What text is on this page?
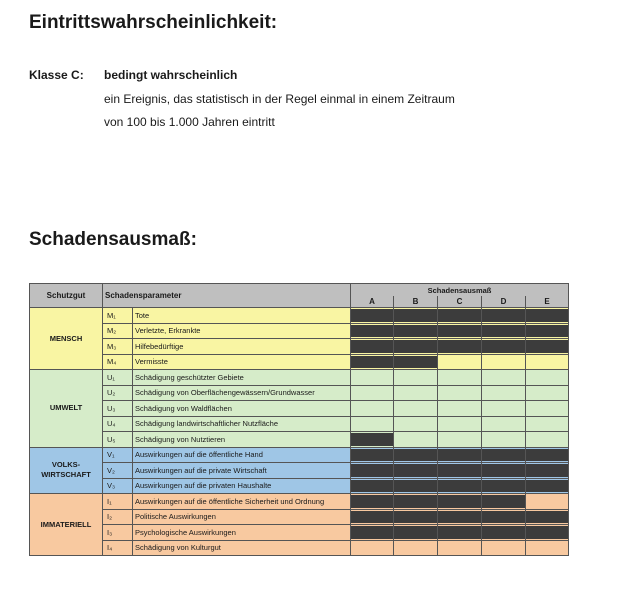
Eintrittswahrscheinlichkeit:
Klasse C: bedingt wahrscheinlich
ein Ereignis, das statistisch in der Regel einmal in einem Zeitraum
von 100 bis 1.000 Jahren eintritt
Schadensausmaß:
Schutzgut	Schadensparameter		Schadensausmaß				
			A	B	C	D	E
MENSCH	M₁	Tote	

	M₂	Verletzte, Erkrankte	

	M₃	Hilfebedürftige	

	M₄	Vermisste	

UMWELT	U₁	Schädigung geschützter Gebiete					
	U₂	Schädigung von Oberflächengewässern/Grundwasser					
	U₃	Schädigung von Waldflächen					
	U₄	Schädigung landwirtschaftlicher Nutzfläche					
	U₅	Schädigung von Nutztieren	

VOLKS-
WIRTSCHAFT	V₁	Auswirkungen auf die öffentliche Hand	

	V₂	Auswirkungen auf die private Wirtschaft	

	V₃	Auswirkungen auf die privaten Haushalte	

IMMATERIELL	I₁	Auswirkungen auf die öffentliche Sicherheit und Ordnung	

	I₂	Politische Auswirkungen	

	I₃	Psychologische Auswirkungen	

	I₄	Schädigung von Kulturgut					
